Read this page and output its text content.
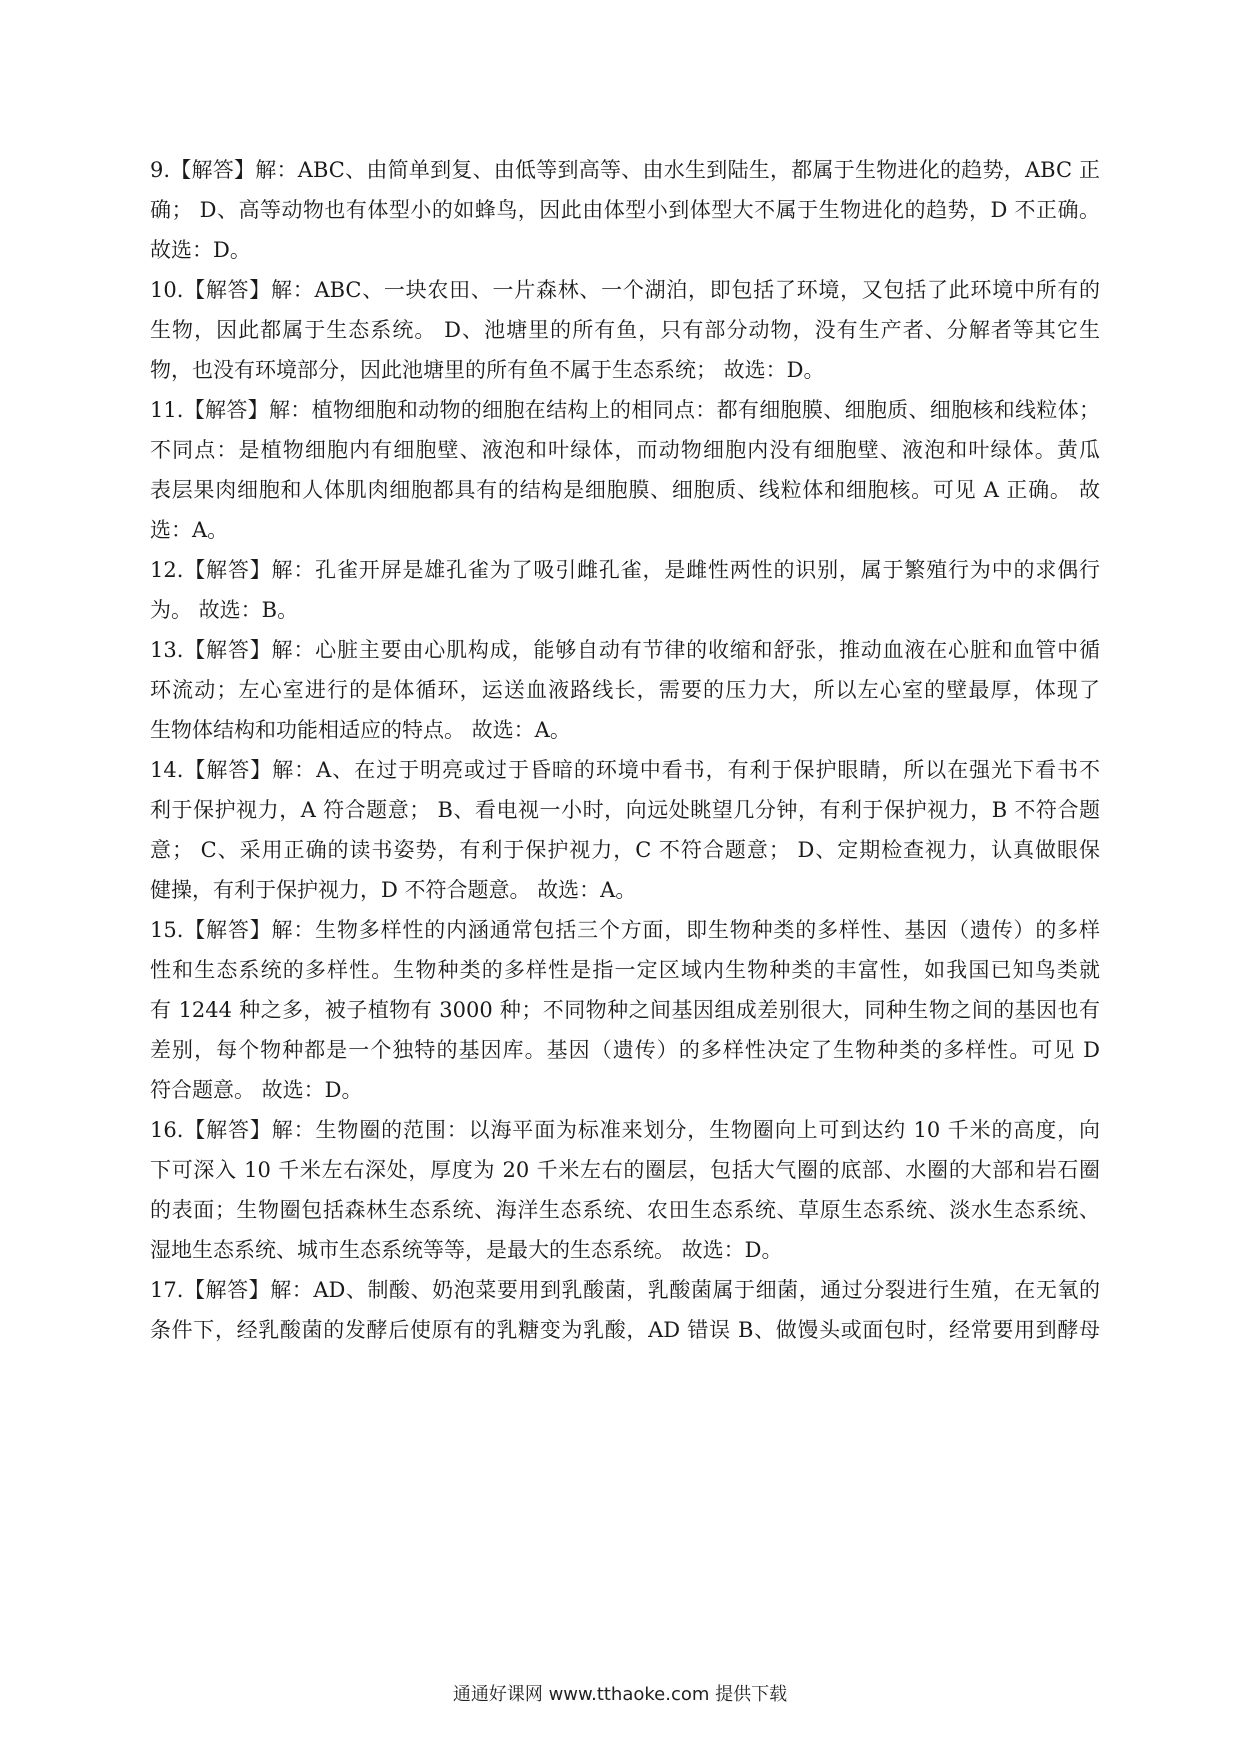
9.【解答】解：ABC、由简单到复、由低等到高等、由水生到陆生，都属于生物进化的趋势，ABC 正
确； D、高等动物也有体型小的如蜂鸟，因此由体型小到体型大不属于生物进化的趋势，D 不正确。
故选：D。

10.【解答】解：ABC、一块农田、一片森林、一个湖泊，即包括了环境，又包括了此环境中所有的
生物，因此都属于生态系统。 D、池塘里的所有鱼，只有部分动物，没有生产者、分解者等其它生
物，也没有环境部分，因此池塘里的所有鱼不属于生态系统； 故选：D。

11.【解答】解：植物细胞和动物的细胞在结构上的相同点：都有细胞膜、细胞质、细胞核和线粒体；
不同点：是植物细胞内有细胞壁、液泡和叶绿体，而动物细胞内没有细胞壁、液泡和叶绿体。黄瓜
表层果肉细胞和人体肌肉细胞都具有的结构是细胞膜、细胞质、线粒体和细胞核。可见 A 正确。 故
选：A。

12.【解答】解：孔雀开屏是雄孔雀为了吸引雌孔雀，是雌性两性的识别，属于繁殖行为中的求偶行
为。 故选：B。

13.【解答】解：心脏主要由心肌构成，能够自动有节律的收缩和舒张，推动血液在心脏和血管中循
环流动；左心室进行的是体循环，运送血液路线长，需要的压力大，所以左心室的壁最厚，体现了
生物体结构和功能相适应的特点。 故选：A。

14.【解答】解：A、在过于明亮或过于昏暗的环境中看书，有利于保护眼睛，所以在强光下看书不
利于保护视力，A 符合题意； B、看电视一小时，向远处眺望几分钟，有利于保护视力，B 不符合题
意； C、采用正确的读书姿势，有利于保护视力，C 不符合题意； D、定期检查视力，认真做眼保
健操，有利于保护视力，D 不符合题意。 故选：A。

15.【解答】解：生物多样性的内涵通常包括三个方面，即生物种类的多样性、基因（遗传）的多样
性和生态系统的多样性。生物种类的多样性是指一定区域内生物种类的丰富性，如我国已知鸟类就
有 1244 种之多，被子植物有 3000 种；不同物种之间基因组成差别很大，同种生物之间的基因也有
差别，每个物种都是一个独特的基因库。基因（遗传）的多样性决定了生物种类的多样性。可见 D
符合题意。 故选：D。

16.【解答】解：生物圈的范围：以海平面为标准来划分，生物圈向上可到达约 10 千米的高度，向
下可深入 10 千米左右深处，厚度为 20 千米左右的圈层，包括大气圈的底部、水圈的大部和岩石圈
的表面；生物圈包括森林生态系统、海洋生态系统、农田生态系统、草原生态系统、淡水生态系统、
湿地生态系统、城市生态系统等等，是最大的生态系统。 故选：D。

17.【解答】解：AD、制酸、奶泡菜要用到乳酸菌，乳酸菌属于细菌，通过分裂进行生殖，在无氧的
条件下，经乳酸菌的发酵后使原有的乳糖变为乳酸，AD 错误 B、做馒头或面包时，经常要用到酵母

通通好课网 www.tthaoke.com 提供下载
